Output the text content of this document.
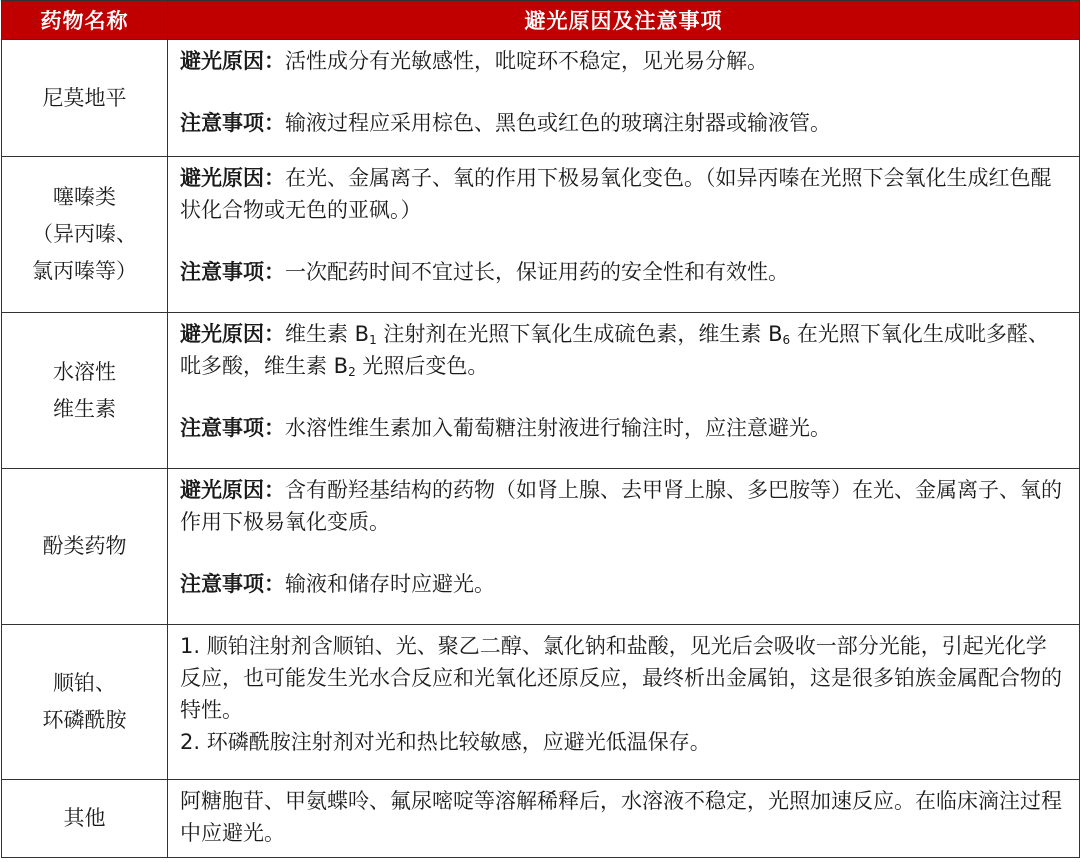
药物名称	避光原因及注意事项
尼莫地平	避光原因：活性成分有光敏感性，吡啶环不稳定，见光易分解。
注意事项：输液过程应采用棕色、黑色或红色的玻璃注射器或输液管。

噻嗪类
（异丙嗪、
氯丙嗪等）	避光原因：在光、金属离子、氧的作用下极易氧化变色。（如异丙嗪在光照下会氧化生成红色醌状化合物或无色的亚砜。）
注意事项：一次配药时间不宜过长，保证用药的安全性和有效性。

水溶性
维生素	避光原因：维生素 $B_1$ 注射剂在光照下氧化生成硫色素，维生素 $B_6$ 在光照下氧化生成吡多醛、吡多酸，维生素 $B_2$ 光照后变色。
注意事项：水溶性维生素加入葡萄糖注射液进行输注时，应注意避光。

酚类药物	避光原因：含有酚羟基结构的药物（如肾上腺、去甲肾上腺、多巴胺等）在光、金属离子、氧的作用下极易氧化变质。
注意事项：输液和储存时应避光。

顺铂、
环磷酰胺	1. 顺铂注射剂含顺铂、光、聚乙二醇、氯化钠和盐酸，见光后会吸收一部分光能，引起光化学反应，也可能发生光水合反应和光氧化还原反应，最终析出金属铂，这是很多铂族金属配合物的特性。
2. 环磷酰胺注射剂对光和热比较敏感，应避光低温保存。

其他	阿糖胞苷、甲氨蝶呤、氟尿嘧啶等溶解稀释后，水溶液不稳定，光照加速反应。在临床滴注过程中应避光。
